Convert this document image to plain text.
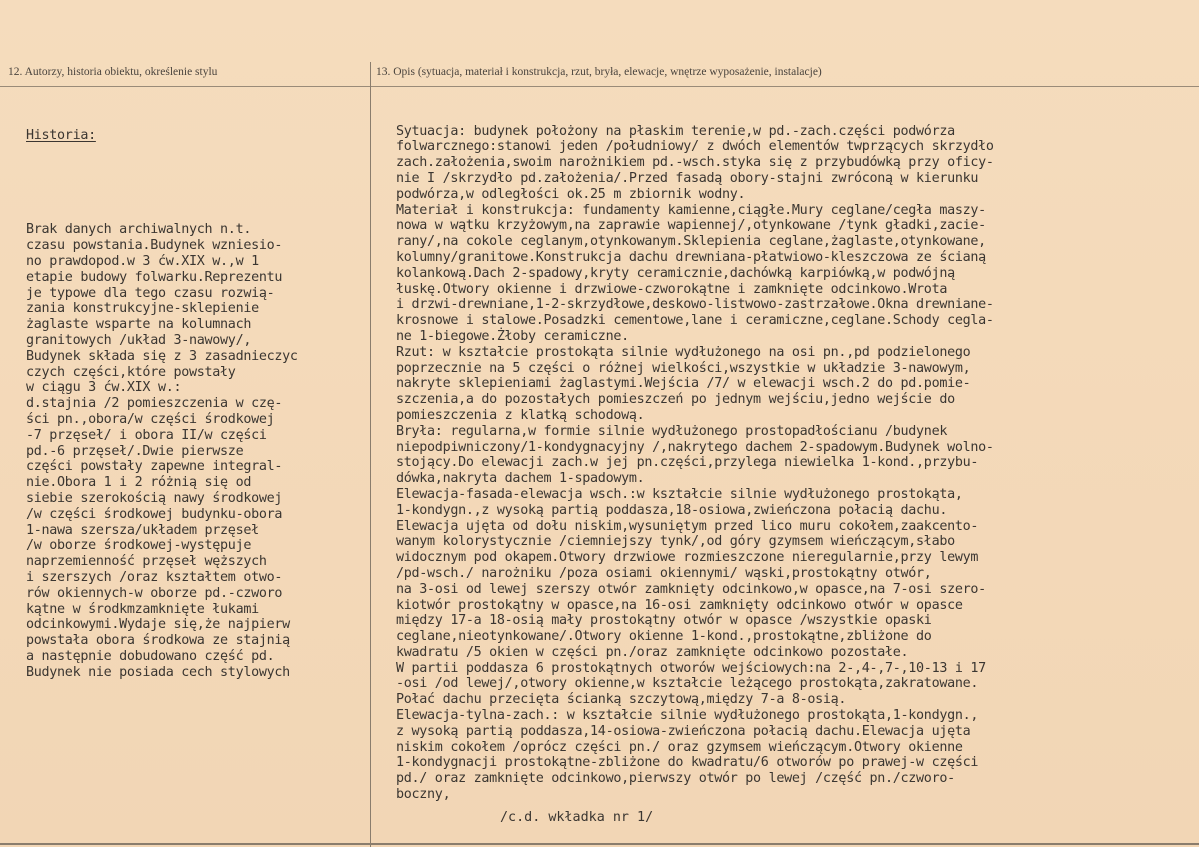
12. Autorzy, historia obiektu, określenie stylu	13. Opis (sytuacja, materiał i konstrukcja, rzut, bryła, elewacje, wnętrze wyposażenie, instalacje)

Historia:

Brak danych archiwalnych n.t.
czasu powstania.Budynek wzniesio-
no prawdopod.w 3 ćw.XIX w.,w 1
etapie budowy folwarku.Reprezentu
je typowe dla tego czasu rozwią-
zania konstrukcyjne-sklepienie
żaglaste wsparte na kolumnach
granitowych /układ 3-nawowy/,
Budynek składa się z 3 zasadnieczyc
czych części,które powstały
w ciągu 3 ćw.XIX w.:
d.stajnia /2 pomieszczenia w czę-
ści pn.,obora/w części środkowej
-7 przęseł/ i obora II/w części
pd.-6 przęseł/.Dwie pierwsze
części powstały zapewne integral-
nie.Obora 1 i 2 różnią się od
siebie szerokością nawy środkowej
/w części środkowej budynku-obora
1-nawa szersza/układem przęseł
/w oborze środkowej-występuje
naprzemienność przęseł węższych
i szerszych /oraz kształtem otwo-
rów okiennych-w oborze pd.-czworo
kątne w środkmzamknięte łukami
odcinkowymi.Wydaje się,że najpierw
powstała obora środkowa ze stajnią
a następnie dobudowano część pd.
Budynek nie posiada cech stylowych

Sytuacja: budynek położony na płaskim terenie,w pd.-zach.części podwórza
folwarcznego:stanowi jeden /południowy/ z dwóch elementów twprzących skrzydło
zach.założenia,swoim narożnikiem pd.-wsch.styka się z przybudówką przy oficy-
nie I /skrzydło pd.założenia/.Przed fasadą obory-stajni zwróconą w kierunku
podwórza,w odległości ok.25 m zbiornik wodny.
Materiał i konstrukcja: fundamenty kamienne,ciągłe.Mury ceglane/cegła maszy-
nowa w wątku krzyżowym,na zaprawie wapiennej/,otynkowane /tynk gładki,zacie-
rany/,na cokole ceglanym,otynkowanym.Sklepienia ceglane,żaglaste,otynkowane,
kolumny/granitowe.Konstrukcja dachu drewniana-płatwiowo-kleszczowa ze ścianą
kolankową.Dach 2-spadowy,kryty ceramicznie,dachówką karpiówką,w podwójną
łuskę.Otwory okienne i drzwiowe-czworokątne i zamknięte odcinkowo.Wrota
i drzwi-drewniane,1-2-skrzydłowe,deskowo-listwowo-zastrzałowe.Okna drewniane-
krosnowe i stalowe.Posadzki cementowe,lane i ceramiczne,ceglane.Schody cegla-
ne 1-biegowe.Żłoby ceramiczne.
Rzut: w kształcie prostokąta silnie wydłużonego na osi pn.,pd podzielonego
poprzecznie na 5 części o różnej wielkości,wszystkie w układzie 3-nawowym,
nakryte sklepieniami żaglastymi.Wejścia /7/ w elewacji wsch.2 do pd.pomie-
szczenia,a do pozostałych pomieszczeń po jednym wejściu,jedno wejście do
pomieszczenia z klatką schodową.
Bryła: regularna,w formie silnie wydłużonego prostopadłościanu /budynek
niepodpiwniczony/1-kondygnacyjny /,nakrytego dachem 2-spadowym.Budynek wolno-
stojący.Do elewacji zach.w jej pn.części,przylega niewielka 1-kond.,przybu-
dówka,nakryta dachem 1-spadowym.
Elewacja-fasada-elewacja wsch.:w kształcie silnie wydłużonego prostokąta,
1-kondygn.,z wysoką partią poddasza,18-osiowa,zwieńczona połacią dachu.
Elewacja ujęta od dołu niskim,wysuniętym przed lico muru cokołem,zaakcento-
wanym kolorystycznie /ciemniejszy tynk/,od góry gzymsem wieńczącym,słabo
widocznym pod okapem.Otwory drzwiowe rozmieszczone nieregularnie,przy lewym
/pd-wsch./ narożniku /poza osiami okiennymi/ wąski,prostokątny otwór,
na 3-osi od lewej szerszy otwór zamknięty odcinkowo,w opasce,na 7-osi szero-
kiotwór prostokątny w opasce,na 16-osi zamknięty odcinkowo otwór w opasce
między 17-a 18-osią mały prostokątny otwór w opasce /wszystkie opaski
ceglane,nieotynkowane/.Otwory okienne 1-kond.,prostokątne,zbliżone do
kwadratu /5 okien w części pn./oraz zamknięte odcinkowo pozostałe.
W partii poddasza 6 prostokątnych otworów wejściowych:na 2-,4-,7-,10-13 i 17
-osi /od lewej/,otwory okienne,w kształcie leżącego prostokąta,zakratowane.
Połać dachu przecięta ścianką szczytową,między 7-a 8-osią.
Elewacja-tylna-zach.: w kształcie silnie wydłużonego prostokąta,1-kondygn.,
z wysoką partią poddasza,14-osiowa-zwieńczona połacią dachu.Elewacja ujęta
niskim cokołem /oprócz części pn./ oraz gzymsem wieńczącym.Otwory okienne
1-kondygnacji prostokątne-zbliżone do kwadratu/6 otworów po prawej-w części
pd./ oraz zamknięte odcinkowo,pierwszy otwór po lewej /część pn./czworo-
boczny,

/c.d. wkładka nr 1/
